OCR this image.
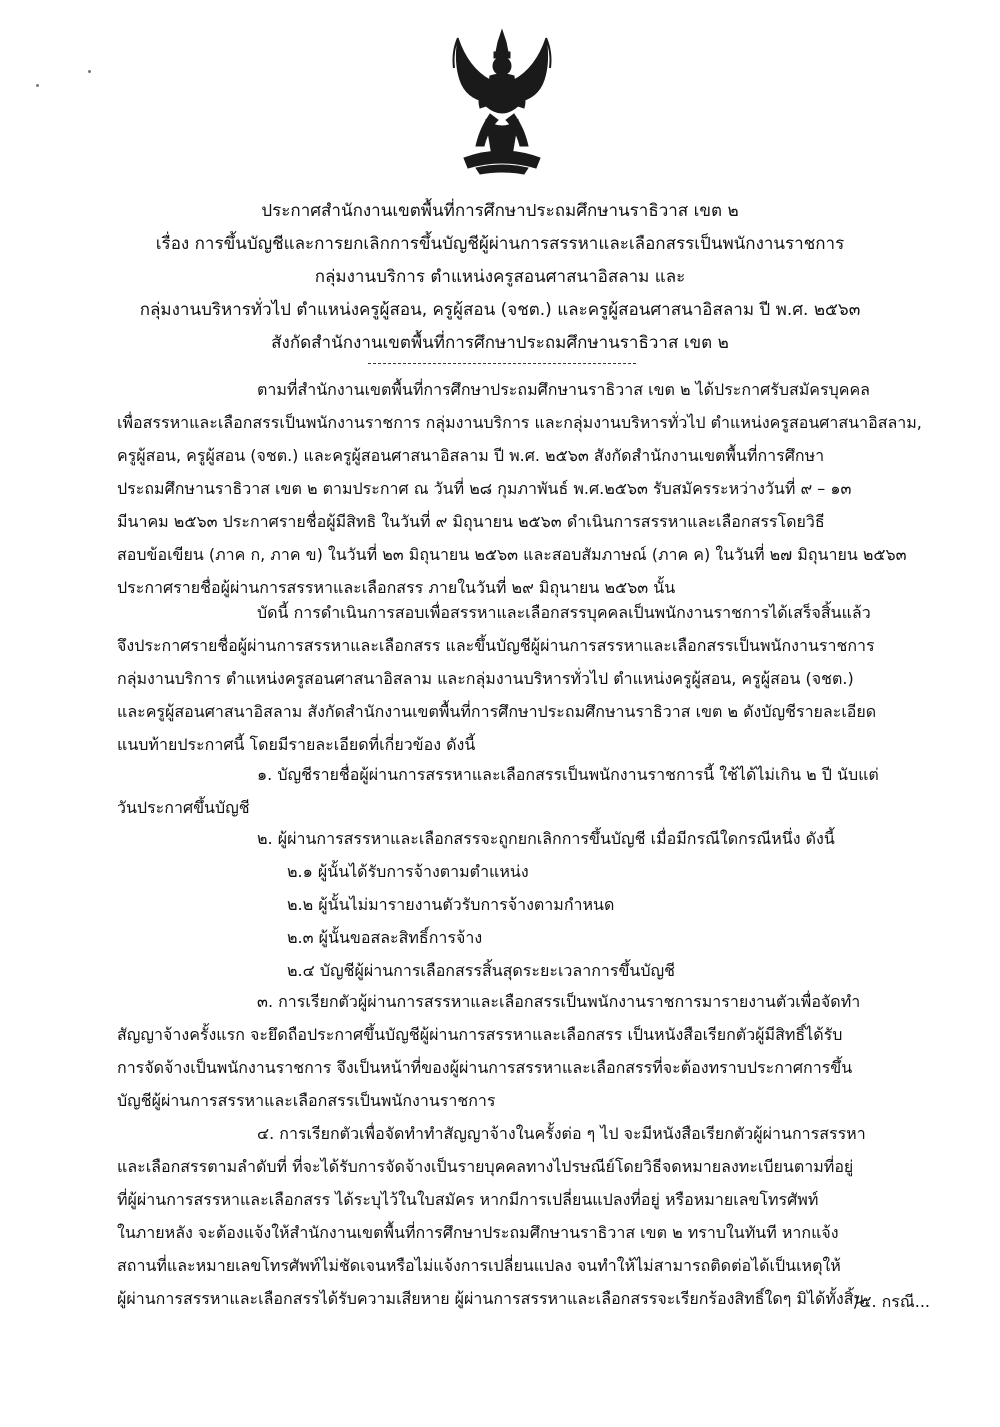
ประกาศสำนักงานเขตพื้นที่การศึกษาประถมศึกษานราธิวาส เขต ๒
เรื่อง การขึ้นบัญชีและการยกเลิกการขึ้นบัญชีผู้ผ่านการสรรหาและเลือกสรรเป็นพนักงานราชการ
กลุ่มงานบริการ ตำแหน่งครูสอนศาสนาอิสลาม และ
กลุ่มงานบริหารทั่วไป ตำแหน่งครูผู้สอน, ครูผู้สอน (จชต.) และครูผู้สอนศาสนาอิสลาม ปี พ.ศ. ๒๕๖๓
สังกัดสำนักงานเขตพื้นที่การศึกษาประถมศึกษานราธิวาส เขต ๒
ตามที่สำนักงานเขตพื้นที่การศึกษาประถมศึกษานราธิวาส เขต ๒ ได้ประกาศรับสมัครบุคคล
เพื่อสรรหาและเลือกสรรเป็นพนักงานราชการ กลุ่มงานบริการ และกลุ่มงานบริหารทั่วไป ตำแหน่งครูสอนศาสนาอิสลาม,
ครูผู้สอน, ครูผู้สอน (จชต.) และครูผู้สอนศาสนาอิสลาม ปี พ.ศ. ๒๕๖๓ สังกัดสำนักงานเขตพื้นที่การศึกษา
ประถมศึกษานราธิวาส เขต ๒ ตามประกาศ ณ วันที่ ๒๘ กุมภาพันธ์ พ.ศ.๒๕๖๓ รับสมัครระหว่างวันที่ ๙ – ๑๓
มีนาคม ๒๕๖๓ ประกาศรายชื่อผู้มีสิทธิ ในวันที่ ๙ มิถุนายน ๒๕๖๓ ดำเนินการสรรหาและเลือกสรรโดยวิธี
สอบข้อเขียน (ภาค ก, ภาค ข) ในวันที่ ๒๓ มิถุนายน ๒๕๖๓ และสอบสัมภาษณ์ (ภาค ค) ในวันที่ ๒๗ มิถุนายน ๒๕๖๓
ประกาศรายชื่อผู้ผ่านการสรรหาและเลือกสรร ภายในวันที่ ๒๙ มิถุนายน ๒๕๖๓ นั้น
บัดนี้ การดำเนินการสอบเพื่อสรรหาและเลือกสรรบุคคลเป็นพนักงานราชการได้เสร็จสิ้นแล้ว
จึงประกาศรายชื่อผู้ผ่านการสรรหาและเลือกสรร และขึ้นบัญชีผู้ผ่านการสรรหาและเลือกสรรเป็นพนักงานราชการ
กลุ่มงานบริการ ตำแหน่งครูสอนศาสนาอิสลาม และกลุ่มงานบริหารทั่วไป ตำแหน่งครูผู้สอน, ครูผู้สอน (จชต.)
และครูผู้สอนศาสนาอิสลาม สังกัดสำนักงานเขตพื้นที่การศึกษาประถมศึกษานราธิวาส เขต ๒ ดังบัญชีรายละเอียด
แนบท้ายประกาศนี้ โดยมีรายละเอียดที่เกี่ยวข้อง ดังนี้
๑. บัญชีรายชื่อผู้ผ่านการสรรหาและเลือกสรรเป็นพนักงานราชการนี้ ใช้ได้ไม่เกิน ๒ ปี นับแต่
วันประกาศขึ้นบัญชี
๒. ผู้ผ่านการสรรหาและเลือกสรรจะถูกยกเลิกการขึ้นบัญชี เมื่อมีกรณีใดกรณีหนึ่ง ดังนี้
๒.๑ ผู้นั้นได้รับการจ้างตามตำแหน่ง
๒.๒ ผู้นั้นไม่มารายงานตัวรับการจ้างตามกำหนด
๒.๓ ผู้นั้นขอสละสิทธิ์การจ้าง
๒.๔ บัญชีผู้ผ่านการเลือกสรรสิ้นสุดระยะเวลาการขึ้นบัญชี
๓. การเรียกตัวผู้ผ่านการสรรหาและเลือกสรรเป็นพนักงานราชการมารายงานตัวเพื่อจัดทำ
สัญญาจ้างครั้งแรก จะยึดถือประกาศขึ้นบัญชีผู้ผ่านการสรรหาและเลือกสรร เป็นหนังสือเรียกตัวผู้มีสิทธิ์ได้รับ
การจัดจ้างเป็นพนักงานราชการ จึงเป็นหน้าที่ของผู้ผ่านการสรรหาและเลือกสรรที่จะต้องทราบประกาศการขึ้น
บัญชีผู้ผ่านการสรรหาและเลือกสรรเป็นพนักงานราชการ
๔. การเรียกตัวเพื่อจัดทำทำสัญญาจ้างในครั้งต่อ ๆ ไป จะมีหนังสือเรียกตัวผู้ผ่านการสรรหา
และเลือกสรรตามลำดับที่ ที่จะได้รับการจัดจ้างเป็นรายบุคคลทางไปรษณีย์โดยวิธีจดหมายลงทะเบียนตามที่อยู่
ที่ผู้ผ่านการสรรหาและเลือกสรร ได้ระบุไว้ในใบสมัคร หากมีการเปลี่ยนแปลงที่อยู่ หรือหมายเลขโทรศัพท์
ในภายหลัง จะต้องแจ้งให้สำนักงานเขตพื้นที่การศึกษาประถมศึกษานราธิวาส เขต ๒ ทราบในทันที หากแจ้ง
สถานที่และหมายเลขโทรศัพท์ไม่ชัดเจนหรือไม่แจ้งการเปลี่ยนแปลง จนทำให้ไม่สามารถติดต่อได้เป็นเหตุให้
ผู้ผ่านการสรรหาและเลือกสรรได้รับความเสียหาย ผู้ผ่านการสรรหาและเลือกสรรจะเรียกร้องสิทธิ์ใดๆ มิได้ทั้งสิ้น
/๕. กรณี...
